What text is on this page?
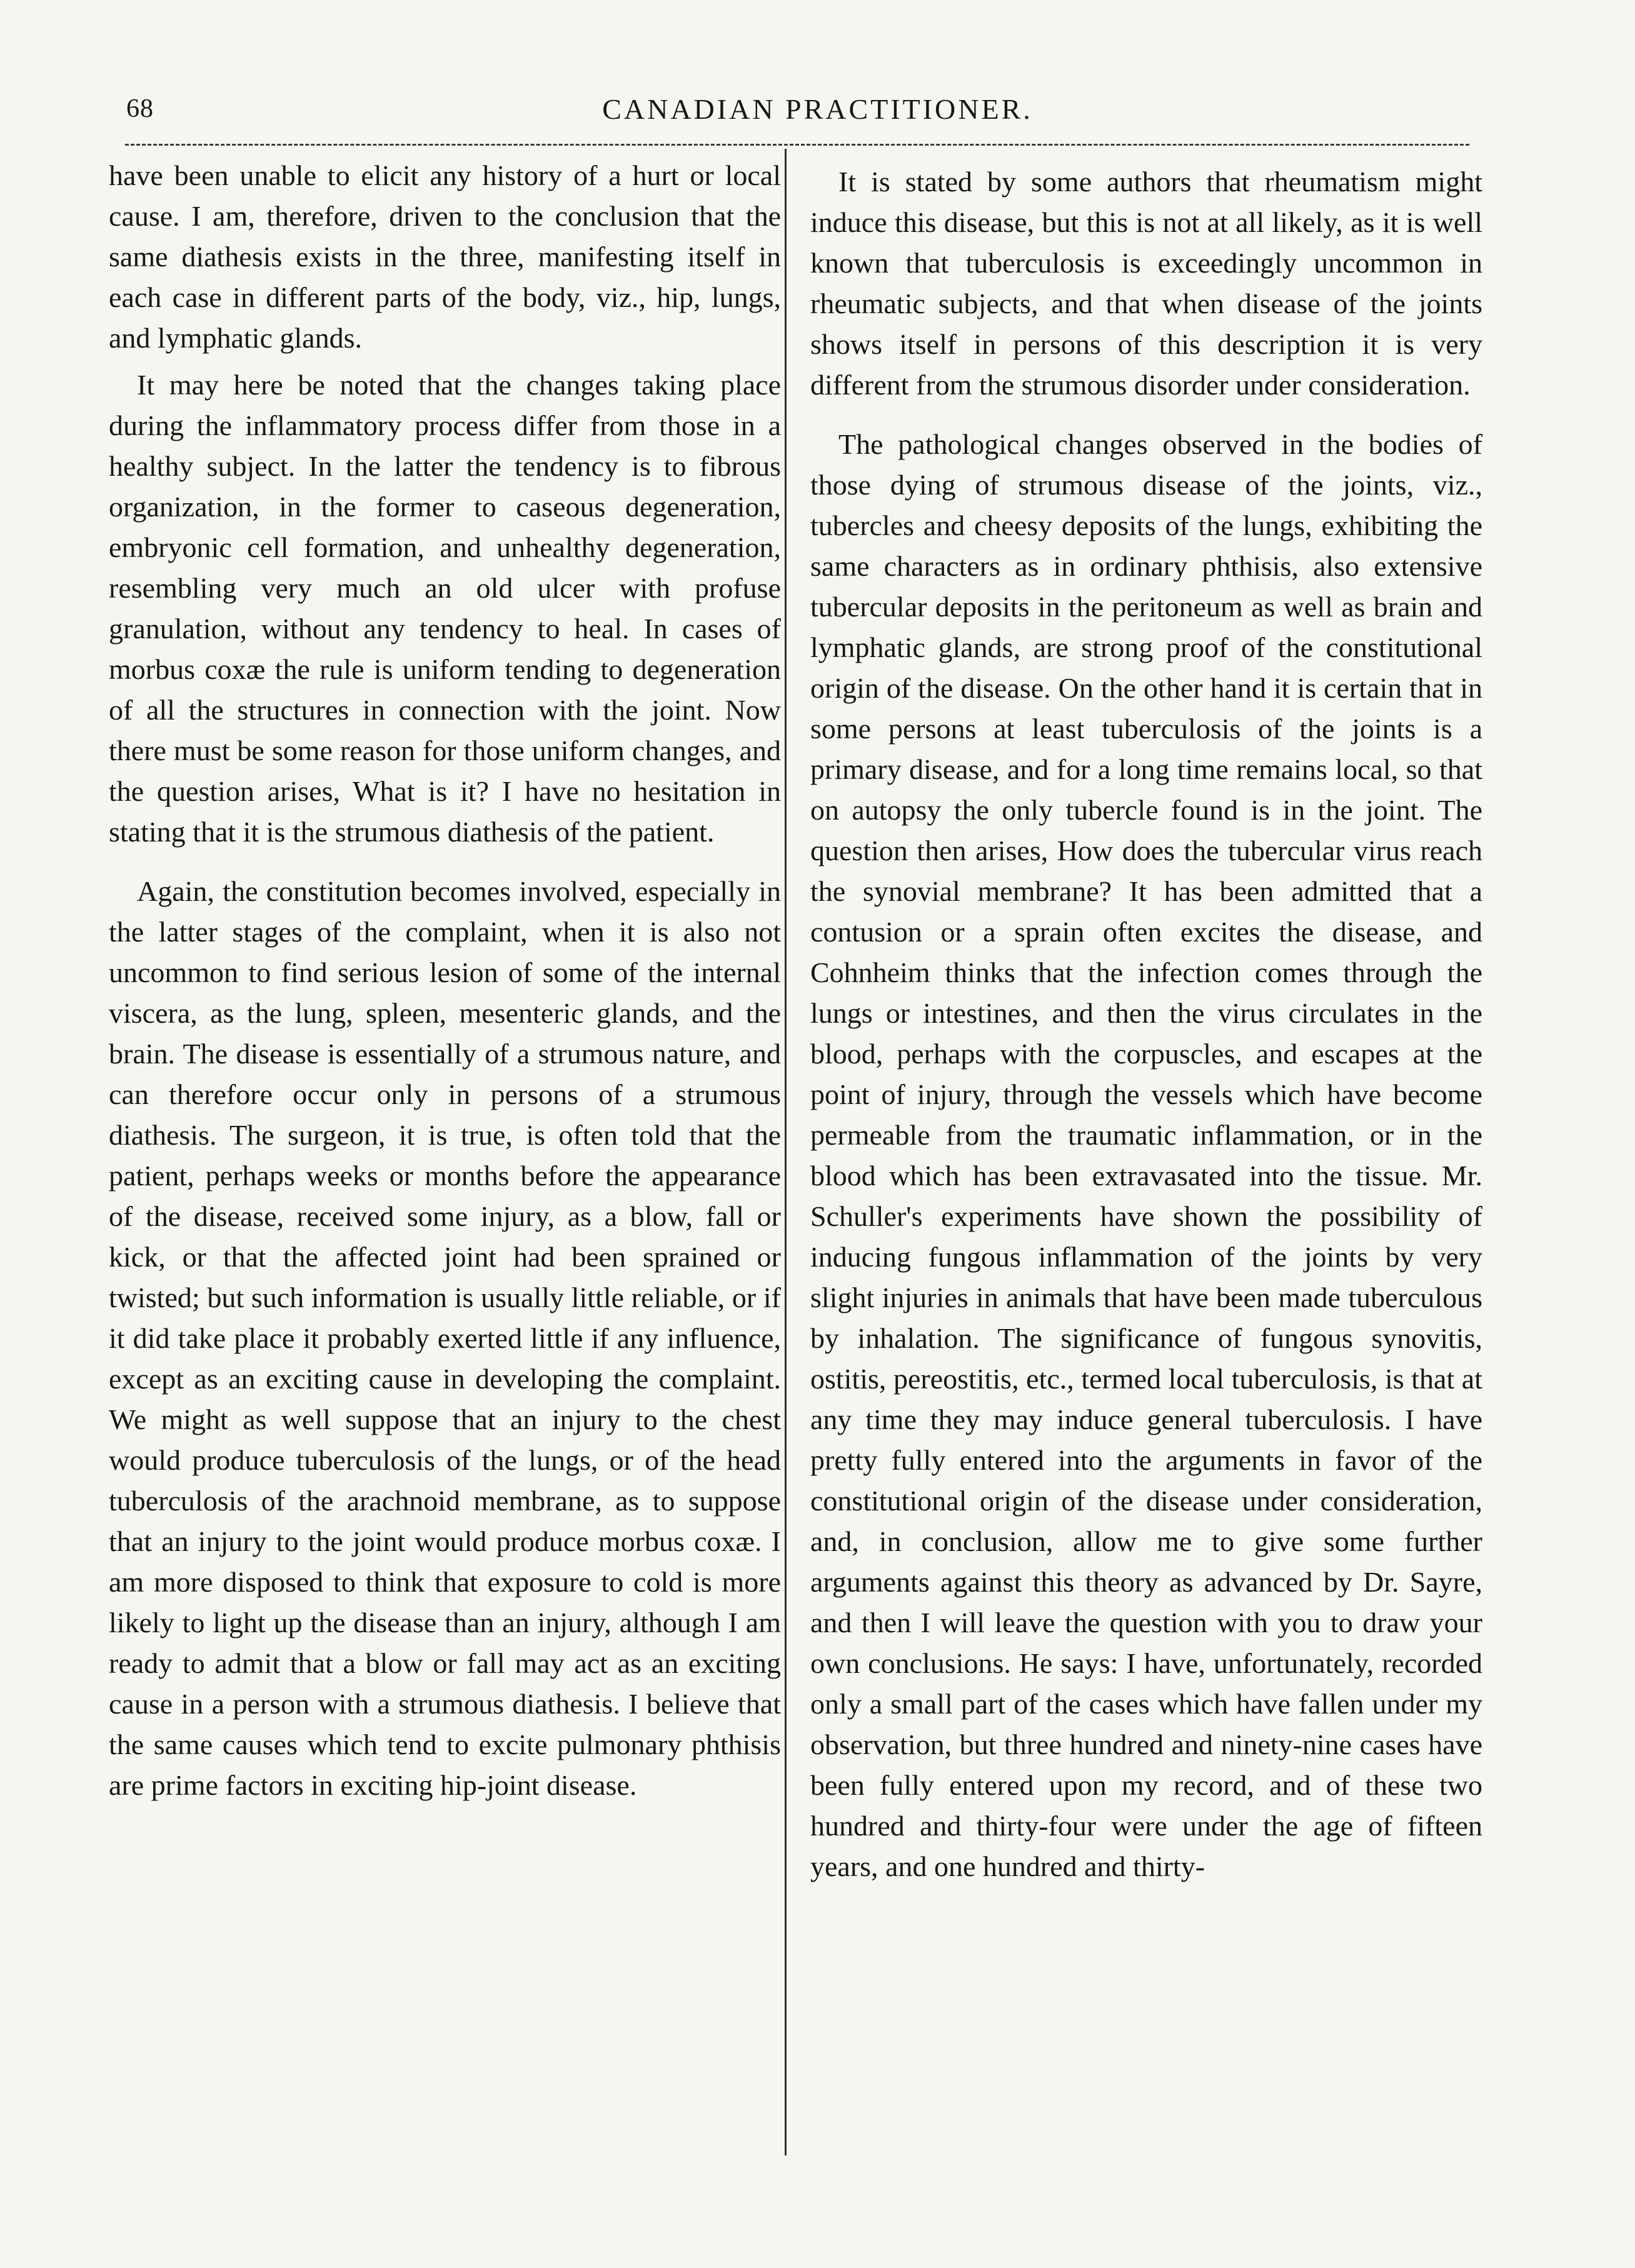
68	CANADIAN PRACTITIONER.

have been unable to elicit any history of a hurt or local cause. I am, therefore, driven to the conclusion that the same diathesis exists in the three, manifesting itself in each case in different parts of the body, viz., hip, lungs, and lymphatic glands.

It may here be noted that the changes taking place during the inflammatory process differ from those in a healthy subject. In the latter the tendency is to fibrous organization, in the former to caseous degeneration, embryonic cell formation, and unhealthy degeneration, resembling very much an old ulcer with profuse granulation, without any tendency to heal. In cases of morbus coxæ the rule is uniform tending to degeneration of all the structures in connection with the joint. Now there must be some reason for those uniform changes, and the question arises, What is it? I have no hesitation in stating that it is the strumous diathesis of the patient.

Again, the constitution becomes involved, especially in the latter stages of the complaint, when it is also not uncommon to find serious lesion of some of the internal viscera, as the lung, spleen, mesenteric glands, and the brain. The disease is essentially of a strumous nature, and can therefore occur only in persons of a strumous diathesis. The surgeon, it is true, is often told that the patient, perhaps weeks or months before the appearance of the disease, received some injury, as a blow, fall or kick, or that the affected joint had been sprained or twisted; but such information is usually little reliable, or if it did take place it probably exerted little if any influence, except as an exciting cause in developing the complaint. We might as well suppose that an injury to the chest would produce tuberculosis of the lungs, or of the head tuberculosis of the arachnoid membrane, as to suppose that an injury to the joint would produce morbus coxæ. I am more disposed to think that exposure to cold is more likely to light up the disease than an injury, although I am ready to admit that a blow or fall may act as an exciting cause in a person with a strumous diathesis. I believe that the same causes which tend to excite pulmonary phthisis are prime factors in exciting hip-joint disease.

It is stated by some authors that rheumatism might induce this disease, but this is not at all likely, as it is well known that tuberculosis is exceedingly uncommon in rheumatic subjects, and that when disease of the joints shows itself in persons of this description it is very different from the strumous disorder under consideration.

The pathological changes observed in the bodies of those dying of strumous disease of the joints, viz., tubercles and cheesy deposits of the lungs, exhibiting the same characters as in ordinary phthisis, also extensive tubercular deposits in the peritoneum as well as brain and lymphatic glands, are strong proof of the constitutional origin of the disease. On the other hand it is certain that in some persons at least tuberculosis of the joints is a primary disease, and for a long time remains local, so that on autopsy the only tubercle found is in the joint. The question then arises, How does the tubercular virus reach the synovial membrane? It has been admitted that a contusion or a sprain often excites the disease, and Cohnheim thinks that the infection comes through the lungs or intestines, and then the virus circulates in the blood, perhaps with the corpuscles, and escapes at the point of injury, through the vessels which have become permeable from the traumatic inflammation, or in the blood which has been extravasated into the tissue. Mr. Schuller's experiments have shown the possibility of inducing fungous inflammation of the joints by very slight injuries in animals that have been made tuberculous by inhalation. The significance of fungous synovitis, ostitis, pereostitis, etc., termed local tuberculosis, is that at any time they may induce general tuberculosis. I have pretty fully entered into the arguments in favor of the constitutional origin of the disease under consideration, and, in conclusion, allow me to give some further arguments against this theory as advanced by Dr. Sayre, and then I will leave the question with you to draw your own conclusions. He says: I have, unfortunately, recorded only a small part of the cases which have fallen under my observation, but three hundred and ninety-nine cases have been fully entered upon my record, and of these two hundred and thirty-four were under the age of fifteen years, and one hundred and thirty-
